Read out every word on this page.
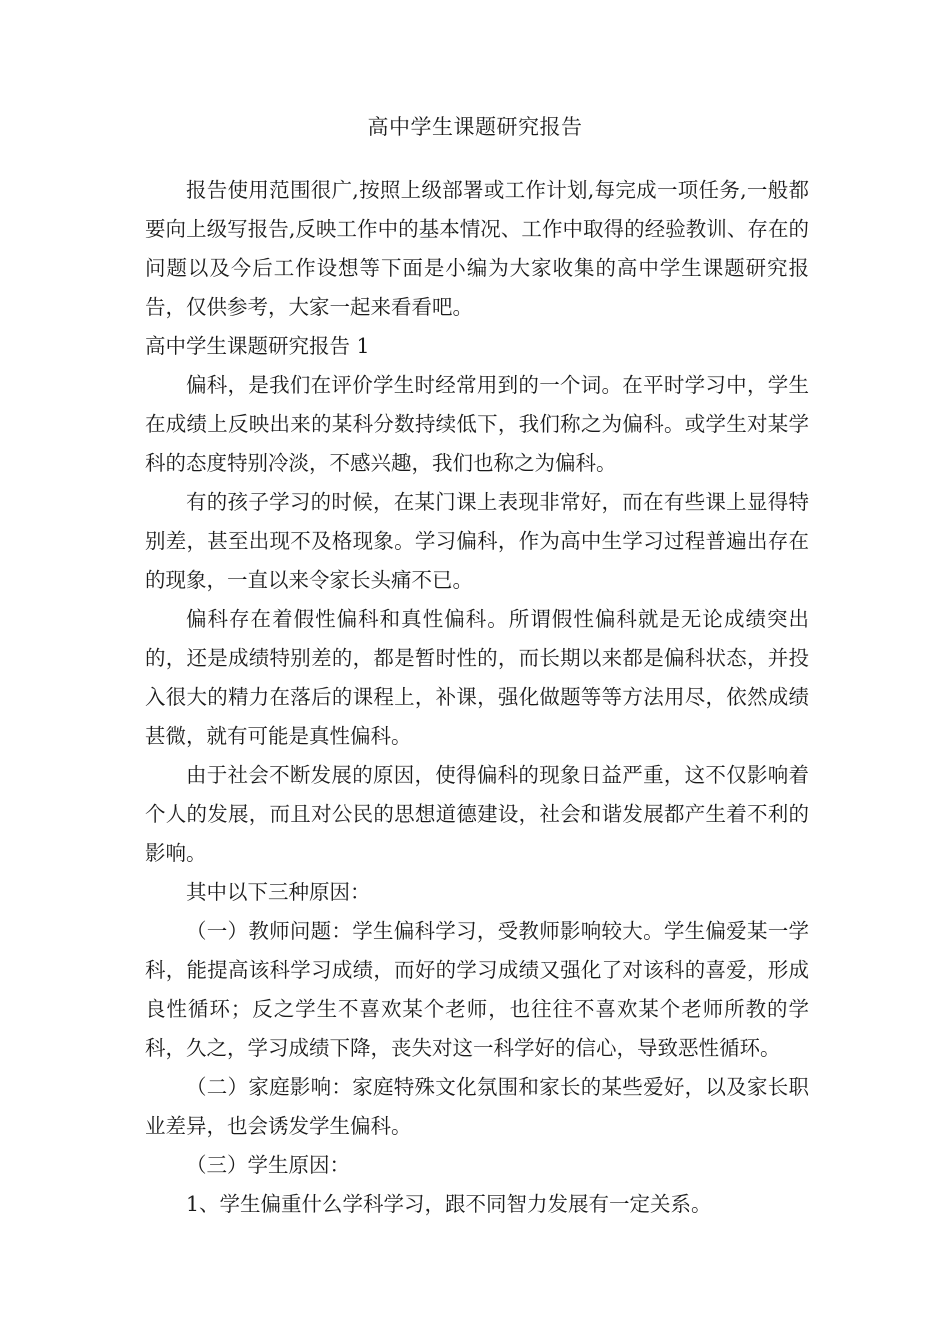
高中学生课题研究报告

报告使用范围很广,按照上级部署或工作计划,每完成一项任务,一般都要向上级写报告,反映工作中的基本情况、工作中取得的经验教训、存在的问题以及今后工作设想等下面是小编为大家收集的高中学生课题研究报告，仅供参考，大家一起来看看吧。

高中学生课题研究报告 1

偏科，是我们在评价学生时经常用到的一个词。在平时学习中，学生在成绩上反映出来的某科分数持续低下，我们称之为偏科。或学生对某学科的态度特别冷淡，不感兴趣，我们也称之为偏科。

有的孩子学习的时候，在某门课上表现非常好，而在有些课上显得特别差，甚至出现不及格现象。学习偏科，作为高中生学习过程普遍出存在的现象，一直以来令家长头痛不已。

偏科存在着假性偏科和真性偏科。所谓假性偏科就是无论成绩突出的，还是成绩特别差的，都是暂时性的，而长期以来都是偏科状态，并投入很大的精力在落后的课程上，补课，强化做题等等方法用尽，依然成绩甚微，就有可能是真性偏科。

由于社会不断发展的原因，使得偏科的现象日益严重，这不仅影响着个人的发展，而且对公民的思想道德建设，社会和谐发展都产生着不利的影响。

其中以下三种原因：

（一）教师问题：学生偏科学习，受教师影响较大。学生偏爱某一学科，能提高该科学习成绩，而好的学习成绩又强化了对该科的喜爱，形成良性循环；反之学生不喜欢某个老师，也往往不喜欢某个老师所教的学科，久之，学习成绩下降，丧失对这一科学好的信心，导致恶性循环。

（二）家庭影响：家庭特殊文化氛围和家长的某些爱好，以及家长职业差异，也会诱发学生偏科。

（三）学生原因：

1、学生偏重什么学科学习，跟不同智力发展有一定关系。
